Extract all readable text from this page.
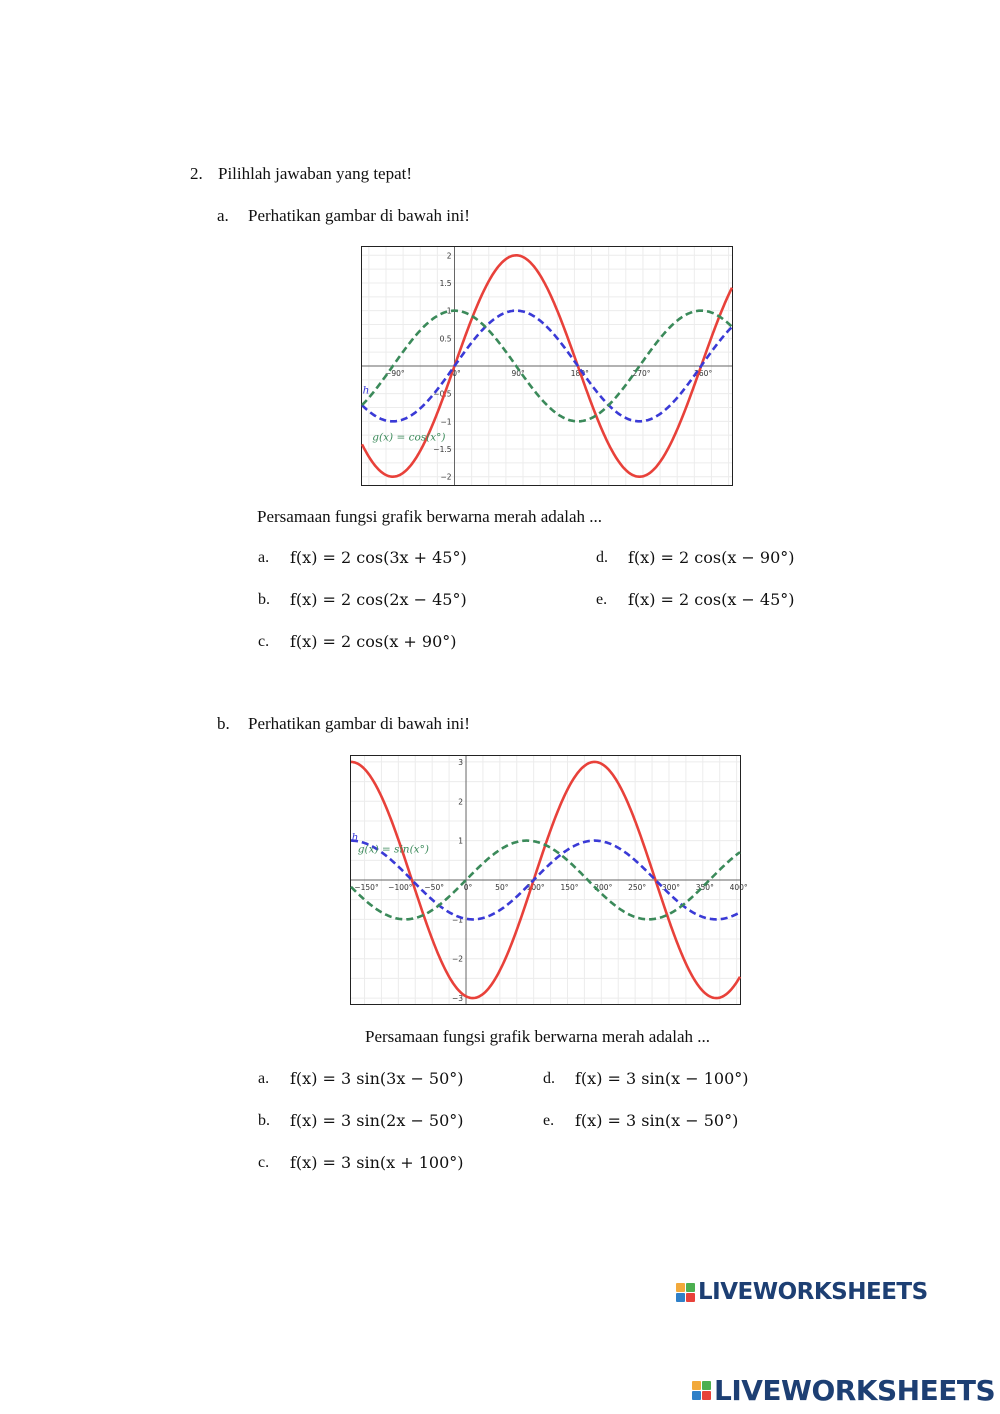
2. Pilihlah jawaban yang tepat!
a. Perhatikan gambar di bawah ini!
−90°	0°	90°	180°	270°	360°
−2
−1.5
−1
−0.5
0.5
1
1.5
2
g(x) = cos(x°)
h
Persamaan fungsi grafik berwarna merah adalah ...
a. f(x) = 2 cos(3x + 45°)
b. f(x) = 2 cos(2x − 45°)
c. f(x) = 2 cos(x + 90°)
d. f(x) = 2 cos(x − 90°)
e. f(x) = 2 cos(x − 45°)
b. Perhatikan gambar di bawah ini!
−150° −100° −50°	0°	50° 100° 150° 200° 250° 300° 350° 400°
−3
−2
−1
1
2
3
g(x) = sin(x°)
h
Persamaan fungsi grafik berwarna merah adalah ...
a. f(x) = 3 sin(3x − 50°)
b. f(x) = 3 sin(2x − 50°)
c. f(x) = 3 sin(x + 100°)
d. f(x) = 3 sin(x − 100°)
e. f(x) = 3 sin(x − 50°)
LIVEWORKSHEETS
LIVEWORKSHEETS
